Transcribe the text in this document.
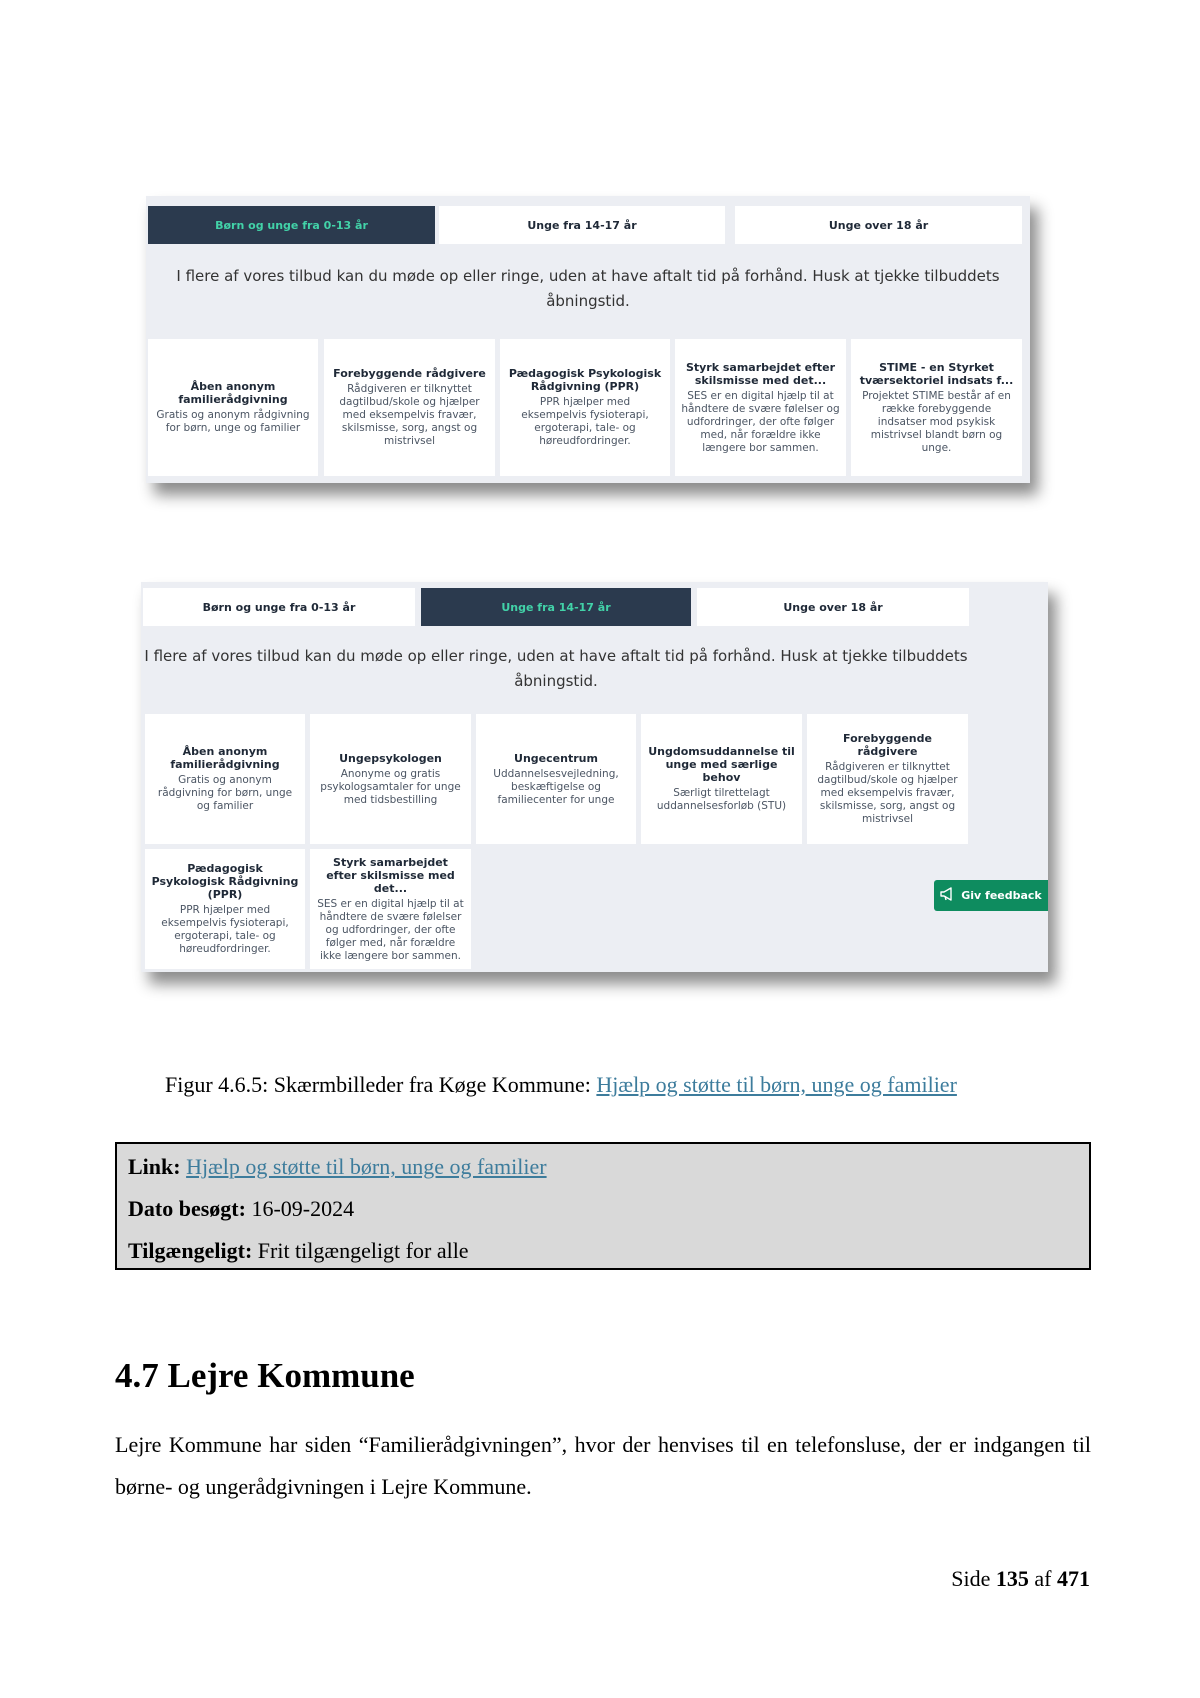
Børn og unge fra 0-13 år	Unge fra 14-17 år	Unge over 18 år
I flere af vores tilbud kan du møde op eller ringe, uden at have aftalt tid på forhånd. Husk at tjekke tilbuddets
åbningstid.
Åben anonym familierådgivning
Gratis og anonym rådgivning for børn, unge og familier
Forebyggende rådgivere
Rådgiveren er tilknyttet dagtilbud/skole og hjælper med eksempelvis fravær, skilsmisse, sorg, angst og mistrivsel
Pædagogisk Psykologisk Rådgivning (PPR)
PPR hjælper med eksempelvis fysioterapi, ergoterapi, tale- og høreudfordringer.
Styrk samarbejdet efter skilsmisse med det...
SES er en digital hjælp til at håndtere de svære følelser og udfordringer, der ofte følger med, når forældre ikke længere bor sammen.
STIME - en Styrket tværsektoriel indsats f...
Projektet STIME består af en række forebyggende indsatser mod psykisk mistrivsel blandt børn og unge.
Børn og unge fra 0-13 år	Unge fra 14-17 år	Unge over 18 år
I flere af vores tilbud kan du møde op eller ringe, uden at have aftalt tid på forhånd. Husk at tjekke tilbuddets
åbningstid.
Åben anonym familierådgivning
Gratis og anonym rådgivning for børn, unge og familier
Ungepsykologen
Anonyme og gratis psykologsamtaler for unge med tidsbestilling
Ungecentrum
Uddannelsesvejledning, beskæftigelse og familiecenter for unge
Ungdomsuddannelse til unge med særlige behov
Særligt tilrettelagt uddannelsesforløb (STU)
Forebyggende rådgivere
Rådgiveren er tilknyttet dagtilbud/skole og hjælper med eksempelvis fravær, skilsmisse, sorg, angst og mistrivsel
Pædagogisk Psykologisk Rådgivning (PPR)
PPR hjælper med eksempelvis fysioterapi, ergoterapi, tale- og høreudfordringer.
Styrk samarbejdet efter skilsmisse med det...
SES er en digital hjælp til at håndtere de svære følelser og udfordringer, der ofte følger med, når forældre ikke længere bor sammen.
Giv feedback
Figur 4.6.5: Skærmbilleder fra Køge Kommune: Hjælp og støtte til børn, unge og familier
Link: Hjælp og støtte til børn, unge og familier
Dato besøgt: 16-09-2024
Tilgængeligt: Frit tilgængeligt for alle
4.7 Lejre Kommune

Lejre Kommune har siden “Familierådgivningen”, hvor der henvises til en telefonsluse, der er indgangen til børne- og ungerådgivningen i Lejre Kommune.

Side 135 af 471
